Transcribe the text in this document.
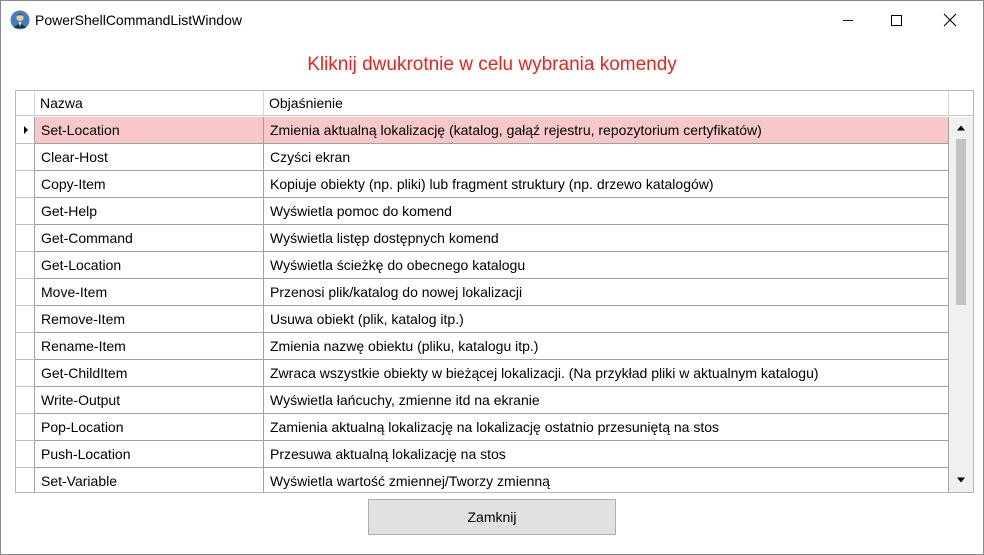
PowerShellCommandListWindow
Kliknij dwukrotnie w celu wybrania komendy
Nazwa	Objaśnienie
Set-Location	Zmienia aktualną lokalizację (katalog, gałąź rejestru, repozytorium certyfikatów)
Clear-Host	Czyści ekran
Copy-Item	Kopiuje obiekty (np. pliki) lub fragment struktury (np. drzewo katalogów)
Get-Help	Wyświetla pomoc do komend
Get-Command	Wyświetla listęp dostępnych komend
Get-Location	Wyświetla ścieżkę do obecnego katalogu
Move-Item	Przenosi plik/katalog do nowej lokalizacji
Remove-Item	Usuwa obiekt (plik, katalog itp.)
Rename-Item	Zmienia nazwę obiektu (pliku, katalogu itp.)
Get-ChildItem	Zwraca wszystkie obiekty w bieżącej lokalizacji. (Na przykład pliki w aktualnym katalogu)
Write-Output	Wyświetla łańcuchy, zmienne itd na ekranie
Pop-Location	Zamienia aktualną lokalizację na lokalizację ostatnio przesuniętą na stos
Push-Location	Przesuwa aktualną lokalizację na stos
Set-Variable	Wyświetla wartość zmiennej/Tworzy zmienną
Zamknij
